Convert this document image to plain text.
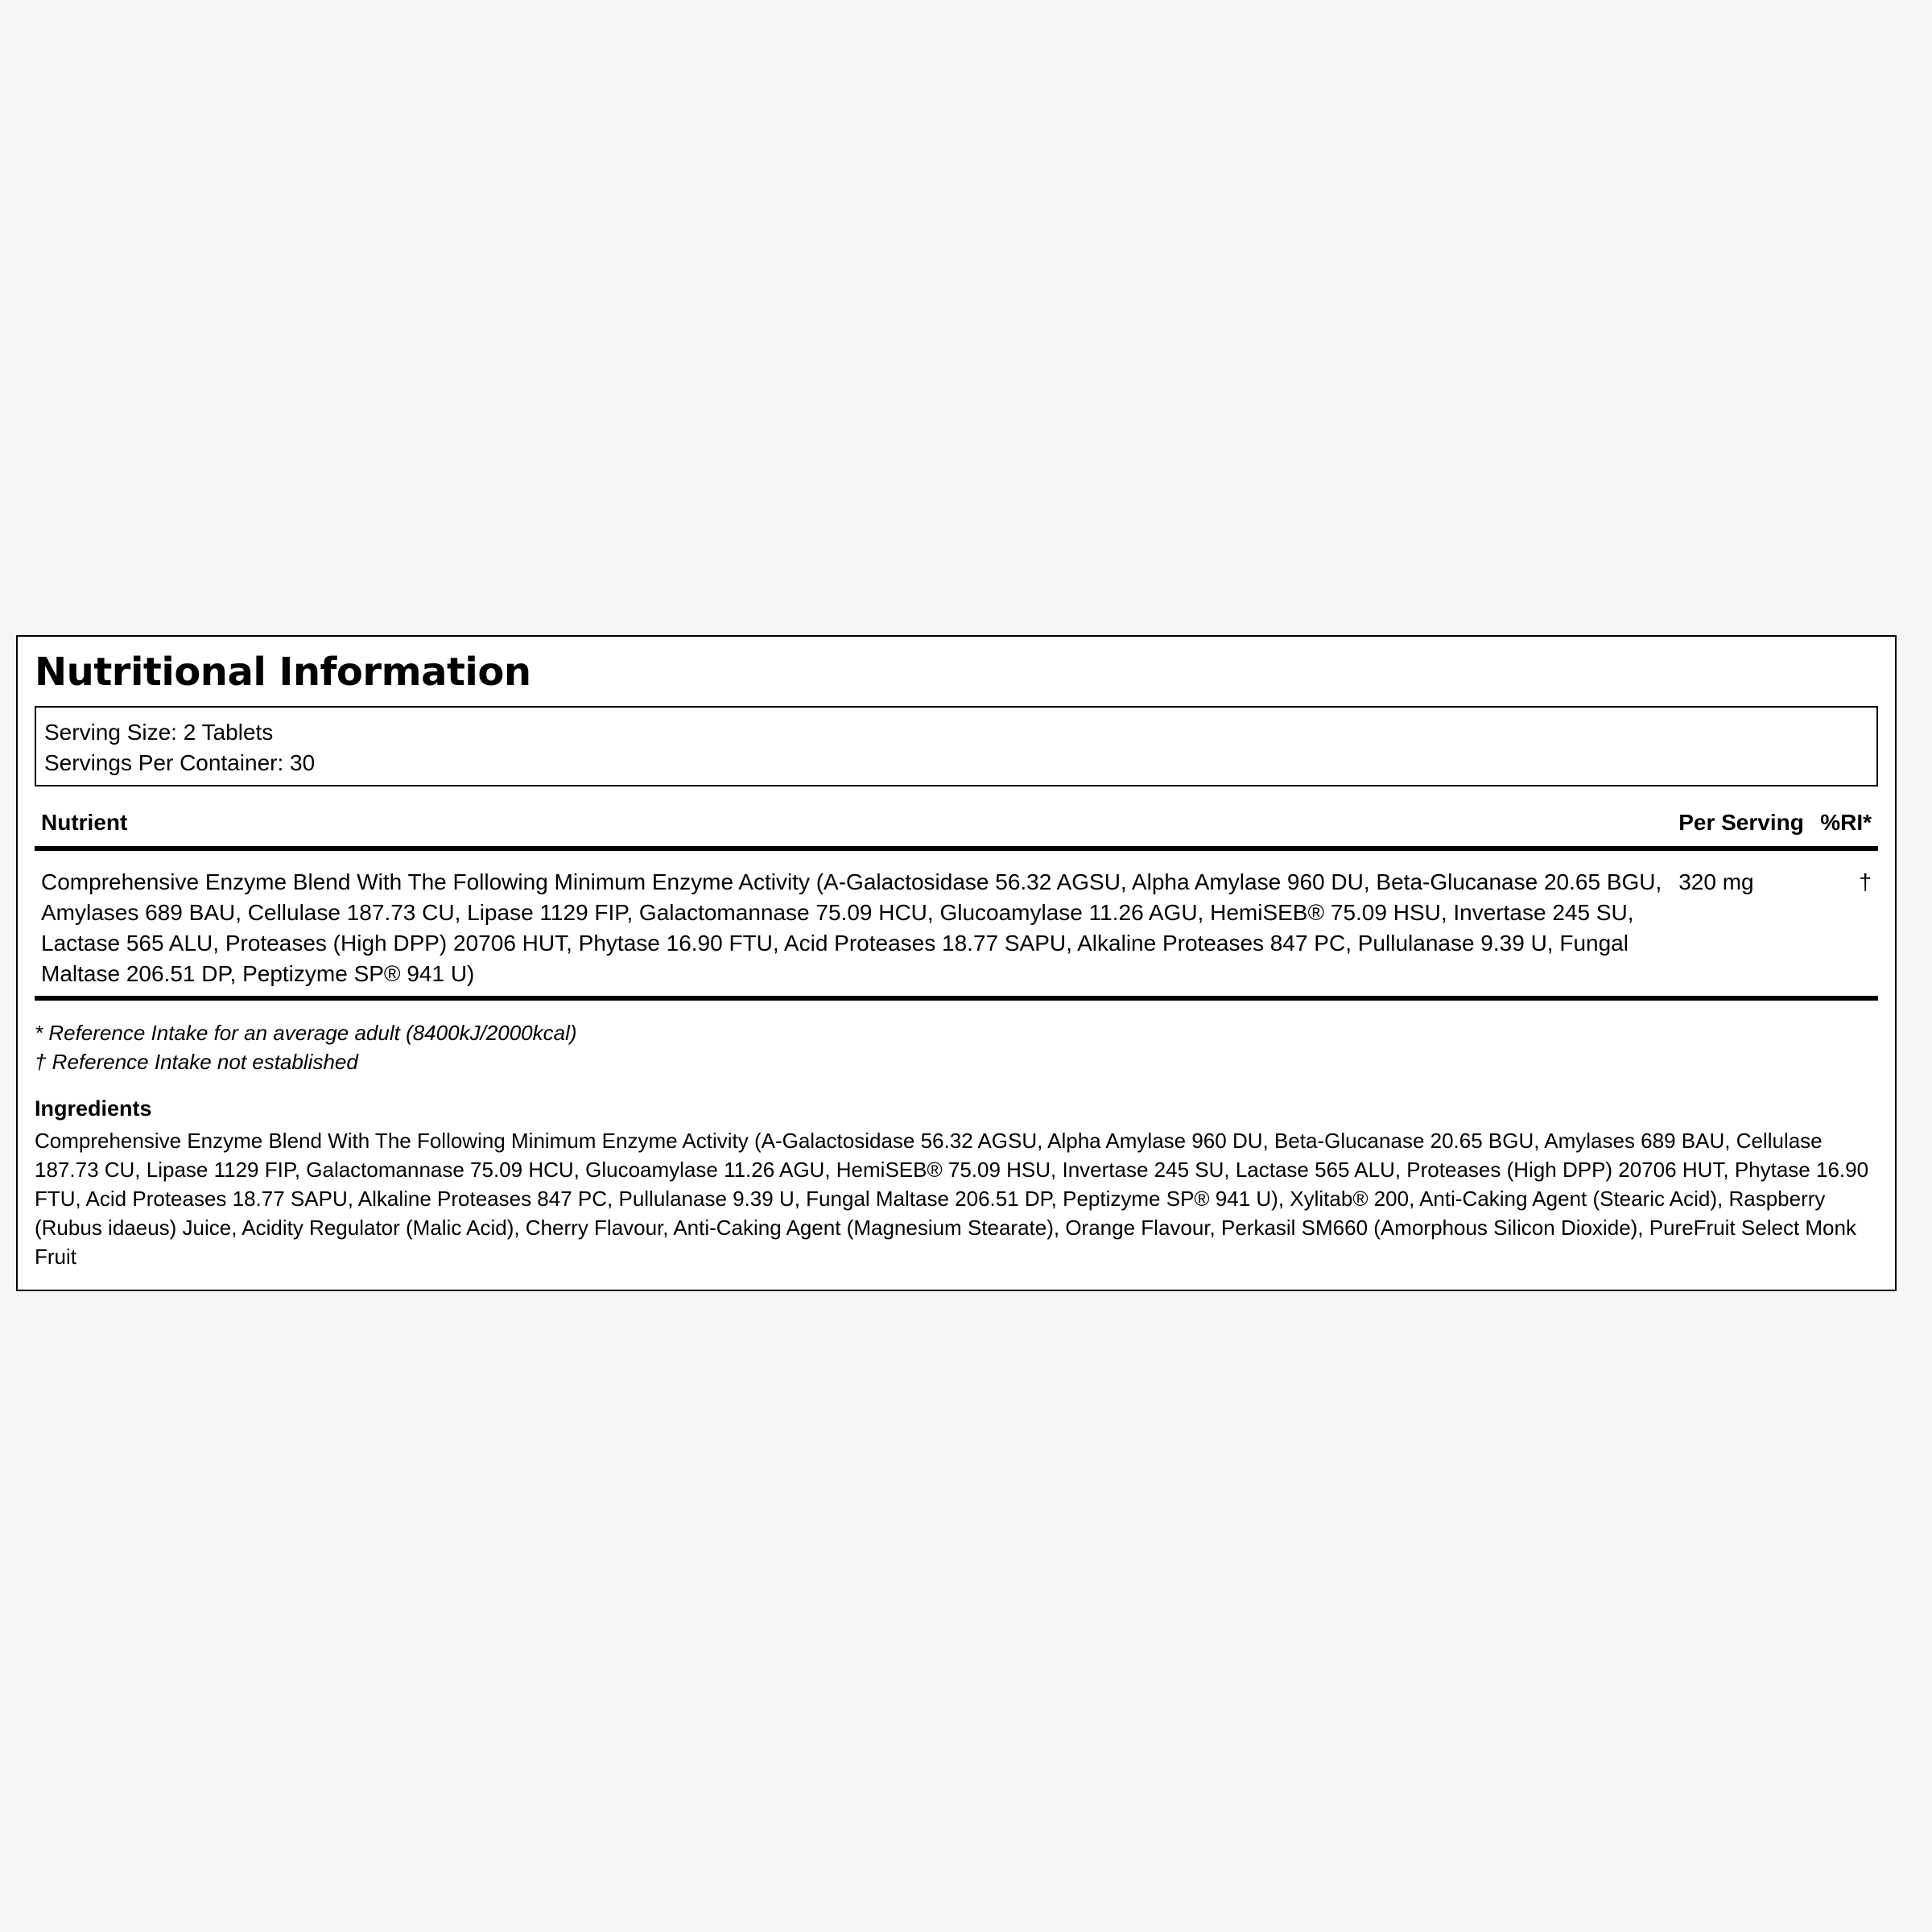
Nutritional Information
Serving Size: 2 Tablets
Servings Per Container: 30
Nutrient	Per Serving	%RI*
Comprehensive Enzyme Blend With The Following Minimum Enzyme Activity (A-Galactosidase 56.32 AGSU, Alpha Amylase 960 DU, Beta-Glucanase 20.65 BGU, Amylases 689 BAU, Cellulase 187.73 CU, Lipase 1129 FIP, Galactomannase 75.09 HCU, Glucoamylase 11.26 AGU, HemiSEB® 75.09 HSU, Invertase 245 SU, Lactase 565 ALU, Proteases (High DPP) 20706 HUT, Phytase 16.90 FTU, Acid Proteases 18.77 SAPU, Alkaline Proteases 847 PC, Pullulanase 9.39 U, Fungal Maltase 206.51 DP, Peptizyme SP® 941 U)	320 mg	†
* Reference Intake for an average adult (8400kJ/2000kcal)
† Reference Intake not established
Ingredients
Comprehensive Enzyme Blend With The Following Minimum Enzyme Activity (A-Galactosidase 56.32 AGSU, Alpha Amylase 960 DU, Beta-Glucanase 20.65 BGU, Amylases 689 BAU, Cellulase 187.73 CU, Lipase 1129 FIP, Galactomannase 75.09 HCU, Glucoamylase 11.26 AGU, HemiSEB® 75.09 HSU, Invertase 245 SU, Lactase 565 ALU, Proteases (High DPP) 20706 HUT, Phytase 16.90 FTU, Acid Proteases 18.77 SAPU, Alkaline Proteases 847 PC, Pullulanase 9.39 U, Fungal Maltase 206.51 DP, Peptizyme SP® 941 U), Xylitab® 200, Anti-Caking Agent (Stearic Acid), Raspberry (Rubus idaeus) Juice, Acidity Regulator (Malic Acid), Cherry Flavour, Anti-Caking Agent (Magnesium Stearate), Orange Flavour, Perkasil SM660 (Amorphous Silicon Dioxide), PureFruit Select Monk Fruit
